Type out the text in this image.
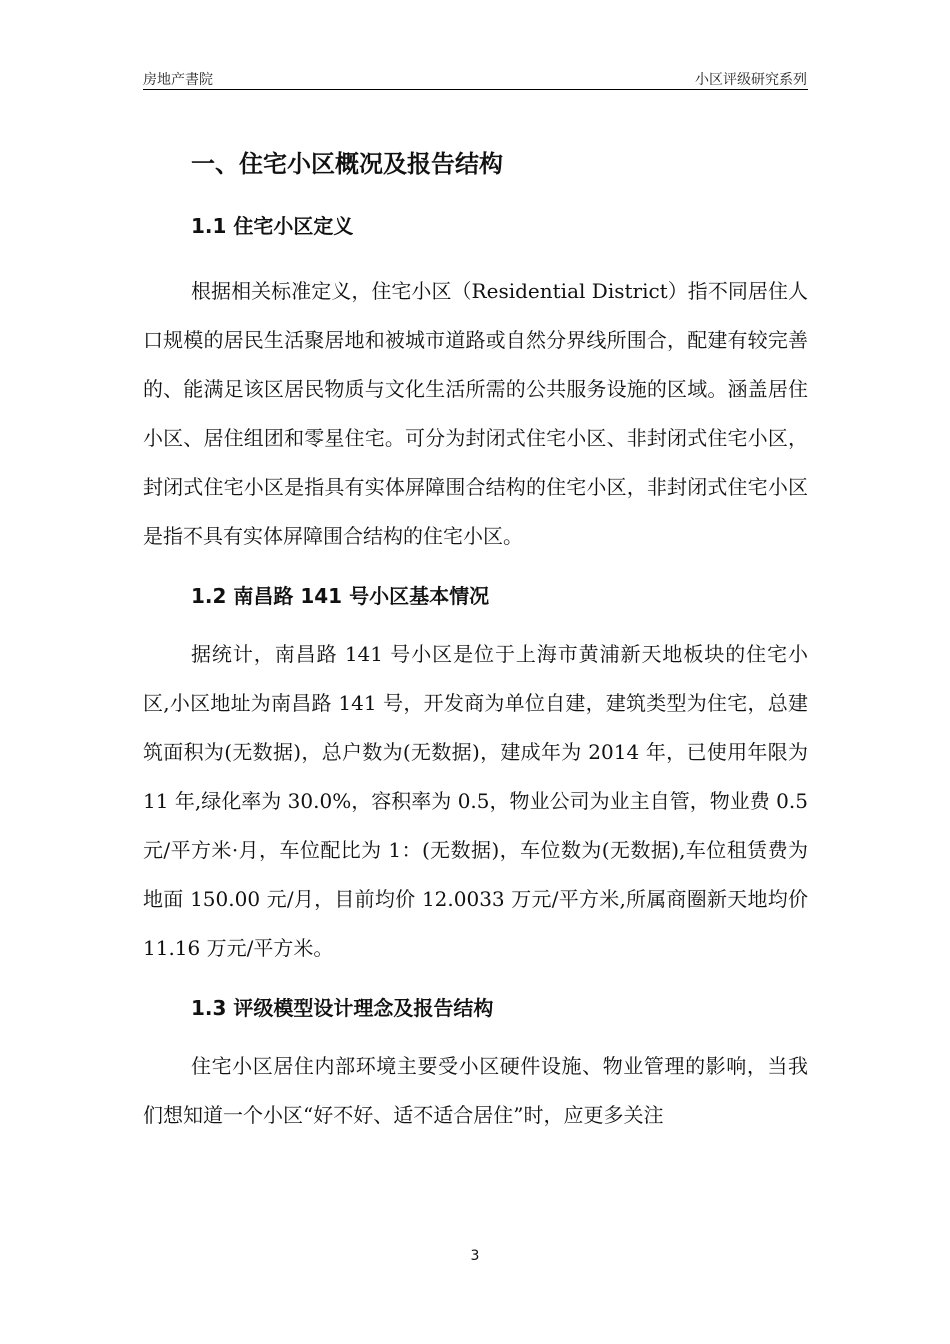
房地产書院	小区评级研究系列
一、住宅小区概况及报告结构
1.1 住宅小区定义

根据相关标准定义，住宅小区（Residential District）指不同居住人口规模的居民生活聚居地和被城市道路或自然分界线所围合，配建有较完善的、能满足该区居民物质与文化生活所需的公共服务设施的区域。涵盖居住小区、居住组团和零星住宅。可分为封闭式住宅小区、非封闭式住宅小区，封闭式住宅小区是指具有实体屏障围合结构的住宅小区，非封闭式住宅小区是指不具有实体屏障围合结构的住宅小区。

1.2 南昌路 141 号小区基本情况

据统计，南昌路 141 号小区是位于上海市黄浦新天地板块的住宅小区,小区地址为南昌路 141 号，开发商为单位自建，建筑类型为住宅，总建筑面积为(无数据)，总户数为(无数据)，建成年为 2014 年，已使用年限为 11 年,绿化率为 30.0%，容积率为 0.5，物业公司为业主自管，物业费 0.5 元/平方米·月，车位配比为 1：(无数据)，车位数为(无数据),车位租赁费为地面 150.00 元/月，目前均价 12.0033 万元/平方米,所属商圈新天地均价 11.16 万元/平方米。

1.3 评级模型设计理念及报告结构

住宅小区居住内部环境主要受小区硬件设施、物业管理的影响，当我们想知道一个小区“好不好、适不适合居住”时，应更多关注

3
